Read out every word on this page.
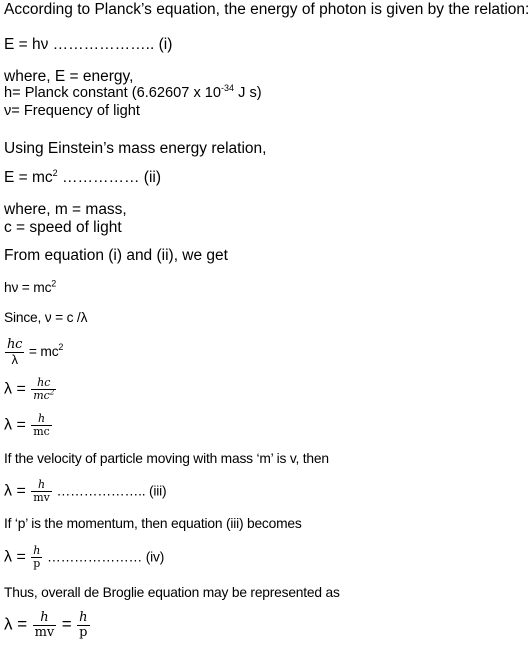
According to Planck’s equation, the energy of photon is given by the relation:
E = hν ……………….. (i)
where, E = energy,
h= Planck constant (6.62607 x $10^{-34}$ J s)
ν= Frequency of light
Using Einstein’s mass energy relation,
$E = mc^2$ …………… (ii)
where, m = mass,
c = speed of light
From equation (i) and (ii), we get
$h\nu = mc^2$
Since, ν = c /λ
$\frac{hc}{\lambda} = mc^2$
$\lambda = \frac{hc}{mc^2}$
$\lambda = \frac{h}{mc}$
If the velocity of particle moving with mass ‘m’ is v, then
$\lambda = \frac{h}{mv}$ ……………….. (iii)
If ‘p’ is the momentum, then equation (iii) becomes
$\lambda = \frac{h}{p}$ ………………… (iv)
Thus, overall de Broglie equation may be represented as
$\lambda = \frac{h}{mv} = \frac{h}{p}$
